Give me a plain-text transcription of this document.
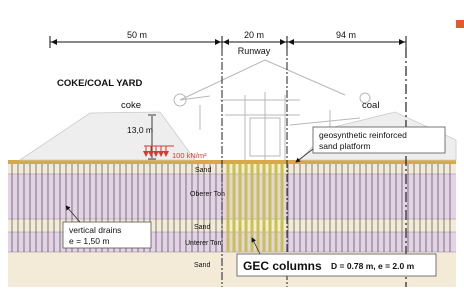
50 m	20 m	94 m
Runway
COKE/COAL YARD
coke	coal
13,0 m
100 kN/m²
geosynthetic reinforced
sand platform
Sand
Oberer Ton
Sand
Unterer Ton
Sand
vertical drains
e = 1,50 m
GEC columns D = 0.78 m, e = 2.0 m
